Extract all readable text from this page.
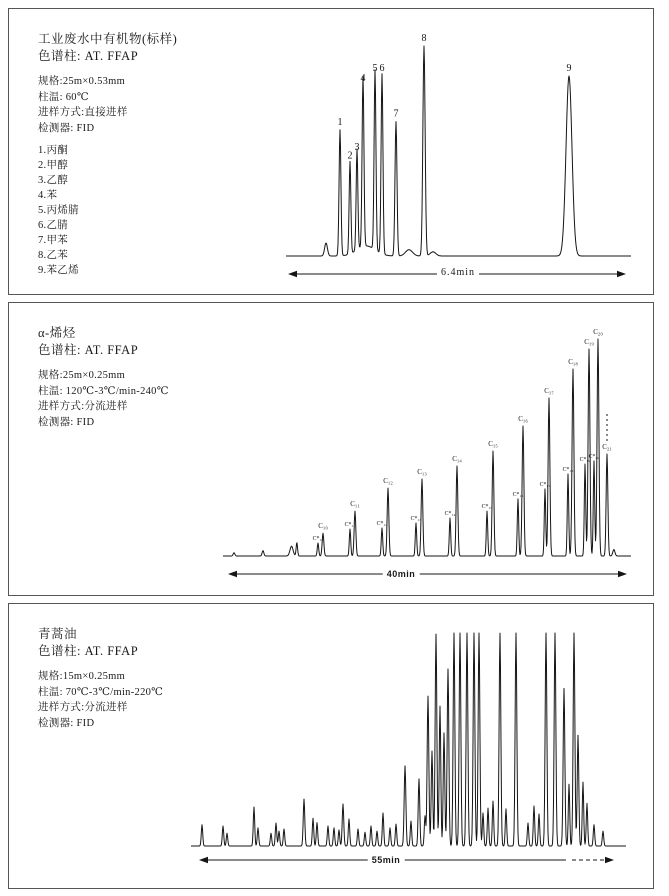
工业废水中有机物(标样)
色谱柱: AT. FFAP
规格:25m×0.53mm
柱温: 60℃
进样方式:直接进样
检测器: FID
1.丙酮
2.甲醇
3.乙醇
4.苯
5.丙烯腈
6.乙腈
7.甲苯
8.乙苯
9.苯乙烯
1
2
3
4
5 6
7
8
9
6.4min
α-烯烃
色谱柱: AT. FFAP
规格:25m×0.25mm
柱温: 120℃-3℃/min-240℃
进样方式:分流进样
检测器: FID
C*₁₀
C₁₀	C*₁₁
C₁₁
C*₁₂
C₁₂
C*₁₃
C₁₃
C*₁₄
C₁₄
C*₁₅
C₁₅
C*₁₆
C₁₆
C*₁₇
C₁₇
C*₁₈
C₁₈
C*₁₉
C₁₉
C*₂₀
C₂₀
C₂₁
40min
青蒿油
色谱柱: AT. FFAP
规格:15m×0.25mm
柱温: 70℃-3℃/min-220℃
进样方式:分流进样
检测器: FID
55min
